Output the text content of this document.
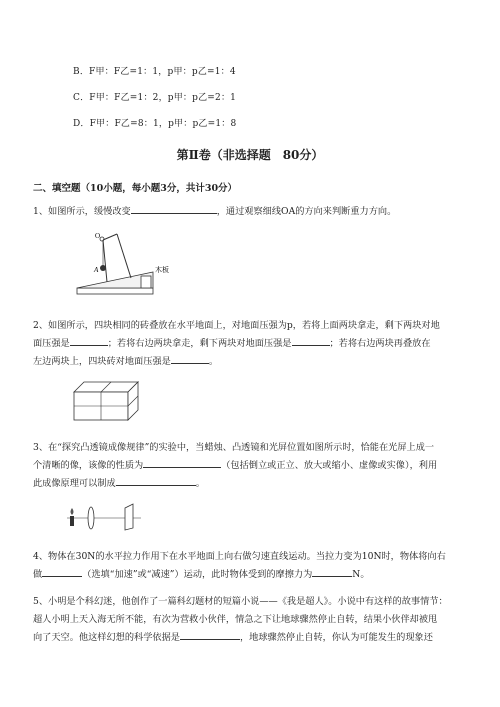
B．F甲：F乙=1：1，p甲：p乙=1：4
C．F甲：F乙=1：2，p甲：p乙=2：1
D．F甲：F乙=8：1，p甲：p乙=1：8
第Ⅱ卷（非选择题　80分）
二、填空题（10小题，每小题3分，共计30分）
1、如图所示，缓慢改变	，通过观察细线OA的方向来判断重力方向。
O
A	木板
2、如图所示，四块相同的砖叠放在水平地面上，对地面压强为p，若将上面两块拿走，剩下两块对地
面压强是	；若将右边两块拿走，剩下两块对地面压强是	；若将右边两块再叠放在
左边两块上，四块砖对地面压强是	。
3、在“探究凸透镜成像规律”的实验中，当蜡烛、凸透镜和光屏位置如图所示时，恰能在光屏上成一
个清晰的像，该像的性质为	（包括倒立或正立、放大或缩小、虚像或实像），利用
此成像原理可以制成	。
4、物体在30N的水平拉力作用下在水平地面上向右做匀速直线运动。当拉力变为10N时，物体将向右
做	（选填“加速”或“减速”）运动，此时物体受到的摩擦力为	N。
5、小明是个科幻迷，他创作了一篇科幻题材的短篇小说——《我是超人》。小说中有这样的故事情节：
超人小明上天入海无所不能，有次为营救小伙伴，情急之下让地球骤然停止自转，结果小伙伴却被甩
向了天空。他这样幻想的科学依据是	，地球骤然停止自转，你认为可能发生的现象还
